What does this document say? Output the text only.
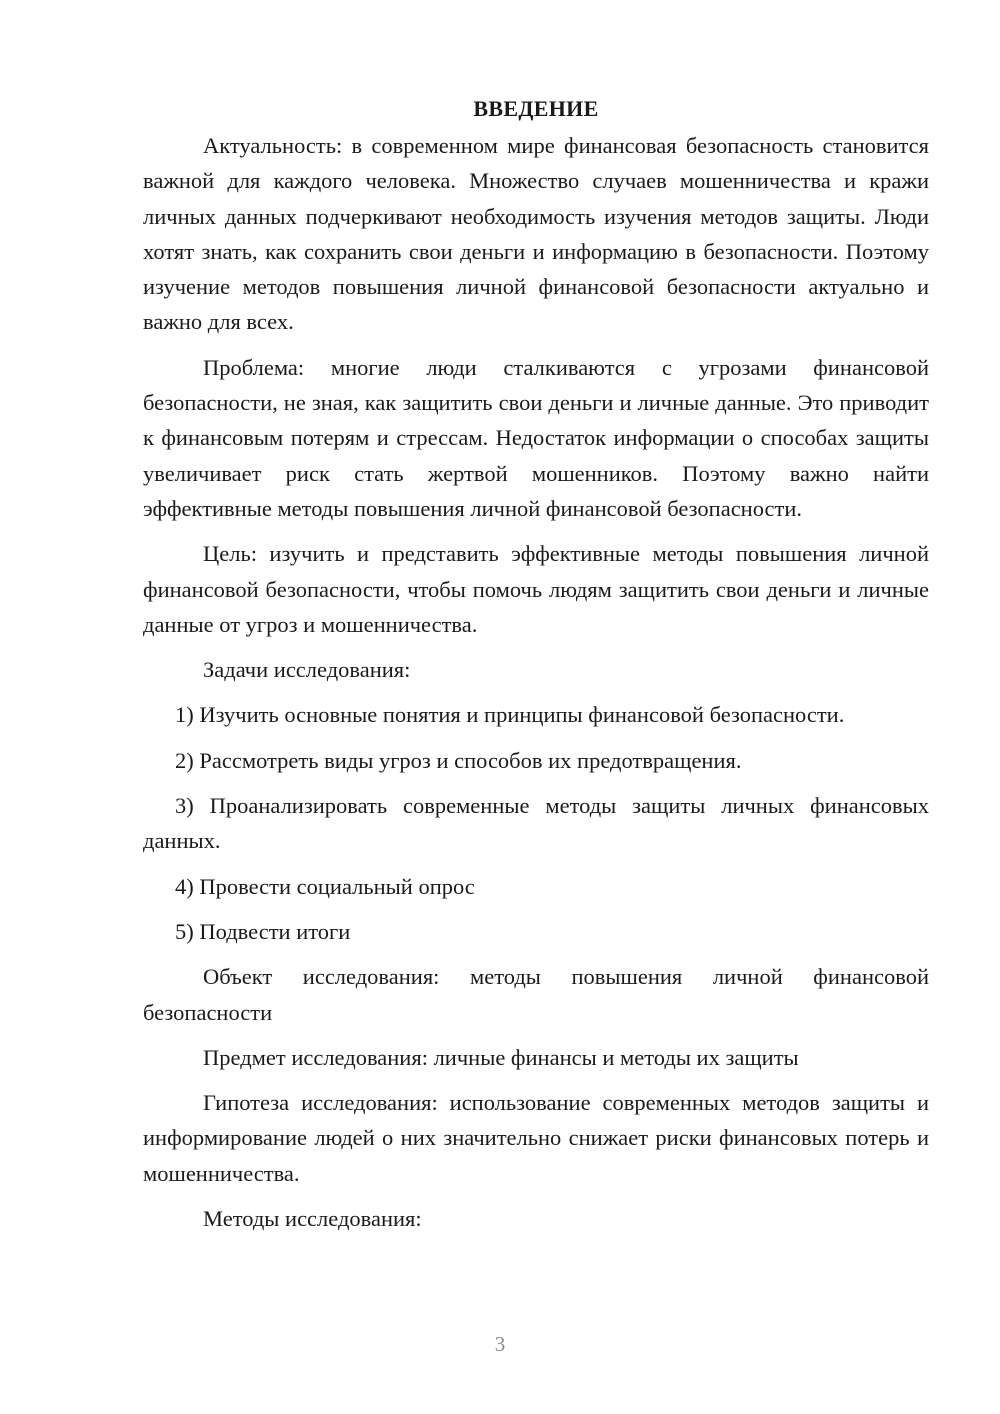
ВВЕДЕНИЕ

Актуальность: в современном мире финансовая безопасность становится важной для каждого человека. Множество случаев мошенничества и кражи личных данных подчеркивают необходимость изучения методов защиты. Люди хотят знать, как сохранить свои деньги и информацию в безопасности. Поэтому изучение методов повышения личной финансовой безопасности актуально и важно для всех.

Проблема: многие люди сталкиваются с угрозами финансовой безопасности, не зная, как защитить свои деньги и личные данные. Это приводит к финансовым потерям и стрессам. Недостаток информации о способах защиты увеличивает риск стать жертвой мошенников. Поэтому важно найти эффективные методы повышения личной финансовой безопасности.

Цель: изучить и представить эффективные методы повышения личной финансовой безопасности, чтобы помочь людям защитить свои деньги и личные данные от угроз и мошенничества.

Задачи исследования:

1) Изучить основные понятия и принципы финансовой безопасности.

2) Рассмотреть виды угроз и способов их предотвращения.

3) Проанализировать современные методы защиты личных финансовых данных.

4) Провести социальный опрос

5) Подвести итоги

Объект исследования: методы повышения личной финансовой безопасности

Предмет исследования: личные финансы и методы их защиты

Гипотеза исследования: использование современных методов защиты и информирование людей о них значительно снижает риски финансовых потерь и мошенничества.

Методы исследования:

3
